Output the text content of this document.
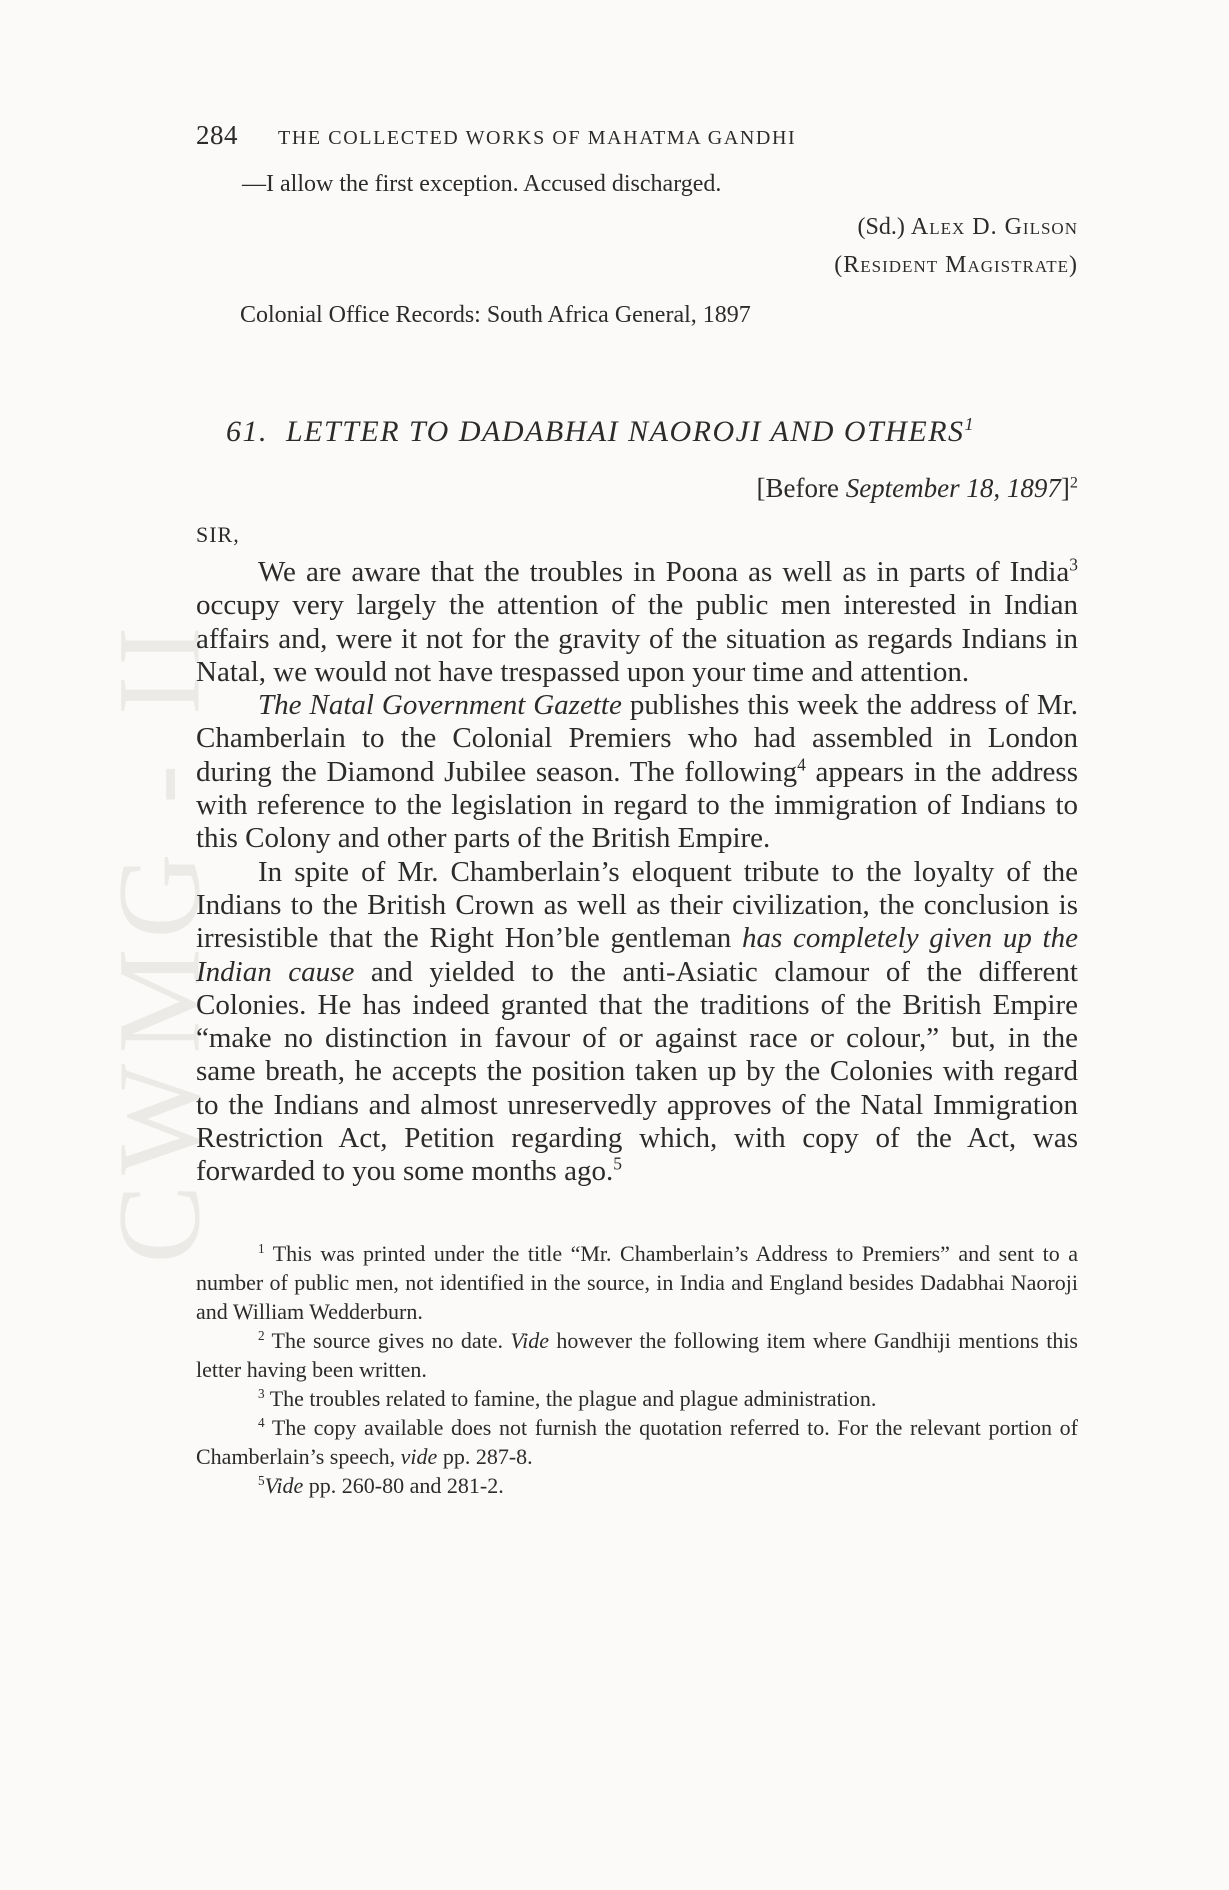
CWMG - II
284 THE COLLECTED WORKS OF MAHATMA GANDHI
—I allow the first exception. Accused discharged.
(Sd.) Alex D. Gilson
(Resident Magistrate)
Colonial Office Records: South Africa General, 1897
61. LETTER TO DADABHAI NAOROJI AND OTHERS$^1$
[Before September 18, 1897]$^2$
SIR,

We are aware that the troubles in Poona as well as in parts of India$^3$ occupy very largely the attention of the public men interested in Indian affairs and, were it not for the gravity of the situation as regards Indians in Natal, we would not have trespassed upon your time and attention.

The Natal Government Gazette publishes this week the address of Mr. Chamberlain to the Colonial Premiers who had assembled in London during the Diamond Jubilee season. The following$^4$ appears in the address with reference to the legislation in regard to the immigration of Indians to this Colony and other parts of the British Empire.

In spite of Mr. Chamberlain’s eloquent tribute to the loyalty of the Indians to the British Crown as well as their civilization, the conclusion is irresistible that the Right Hon’ble gentleman has completely given up the Indian cause and yielded to the anti-Asiatic clamour of the different Colonies. He has indeed granted that the traditions of the British Empire “make no distinction in favour of or against race or colour,” but, in the same breath, he accepts the position taken up by the Colonies with regard to the Indians and almost unreservedly approves of the Natal Immigration Restriction Act, Petition regarding which, with copy of the Act, was forwarded to you some months ago.$^5$

$^1$ This was printed under the title “Mr. Chamberlain’s Address to Premiers” and sent to a number of public men, not identified in the source, in India and England besides Dadabhai Naoroji and William Wedderburn.

$^2$ The source gives no date. Vide however the following item where Gandhiji mentions this letter having been written.

$^3$ The troubles related to famine, the plague and plague administration.

$^4$ The copy available does not furnish the quotation referred to. For the relevant portion of Chamberlain’s speech, vide pp. 287-8.

$^5$Vide pp. 260-80 and 281-2.
